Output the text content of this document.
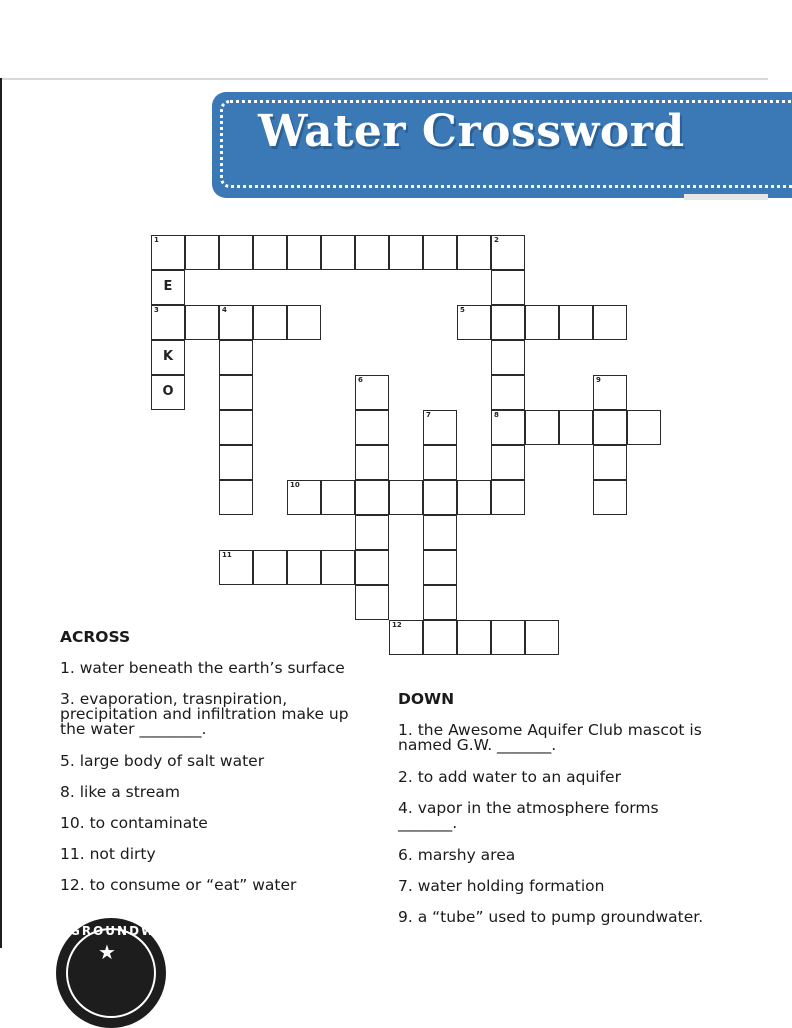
Water Crossword
1	2
E
3
K
O
8
4	5
6
7
9
10
11
12
ACROSS
1. water beneath the earth’s surface
3. evaporation, trasnpiration,
precipitation and infiltration make up
the water ________.
5. large body of salt water
8. like a stream
10. to contaminate
11. not dirty
12. to consume or “eat” water
DOWN
1. the Awesome Aquifer Club mascot is
named G.W. _______.
2. to add water to an aquifer
4. vapor in the atmosphere forms
_______.
6. marshy area
7. water holding formation
9. a “tube” used to pump groundwater.
GROUNDW
★
